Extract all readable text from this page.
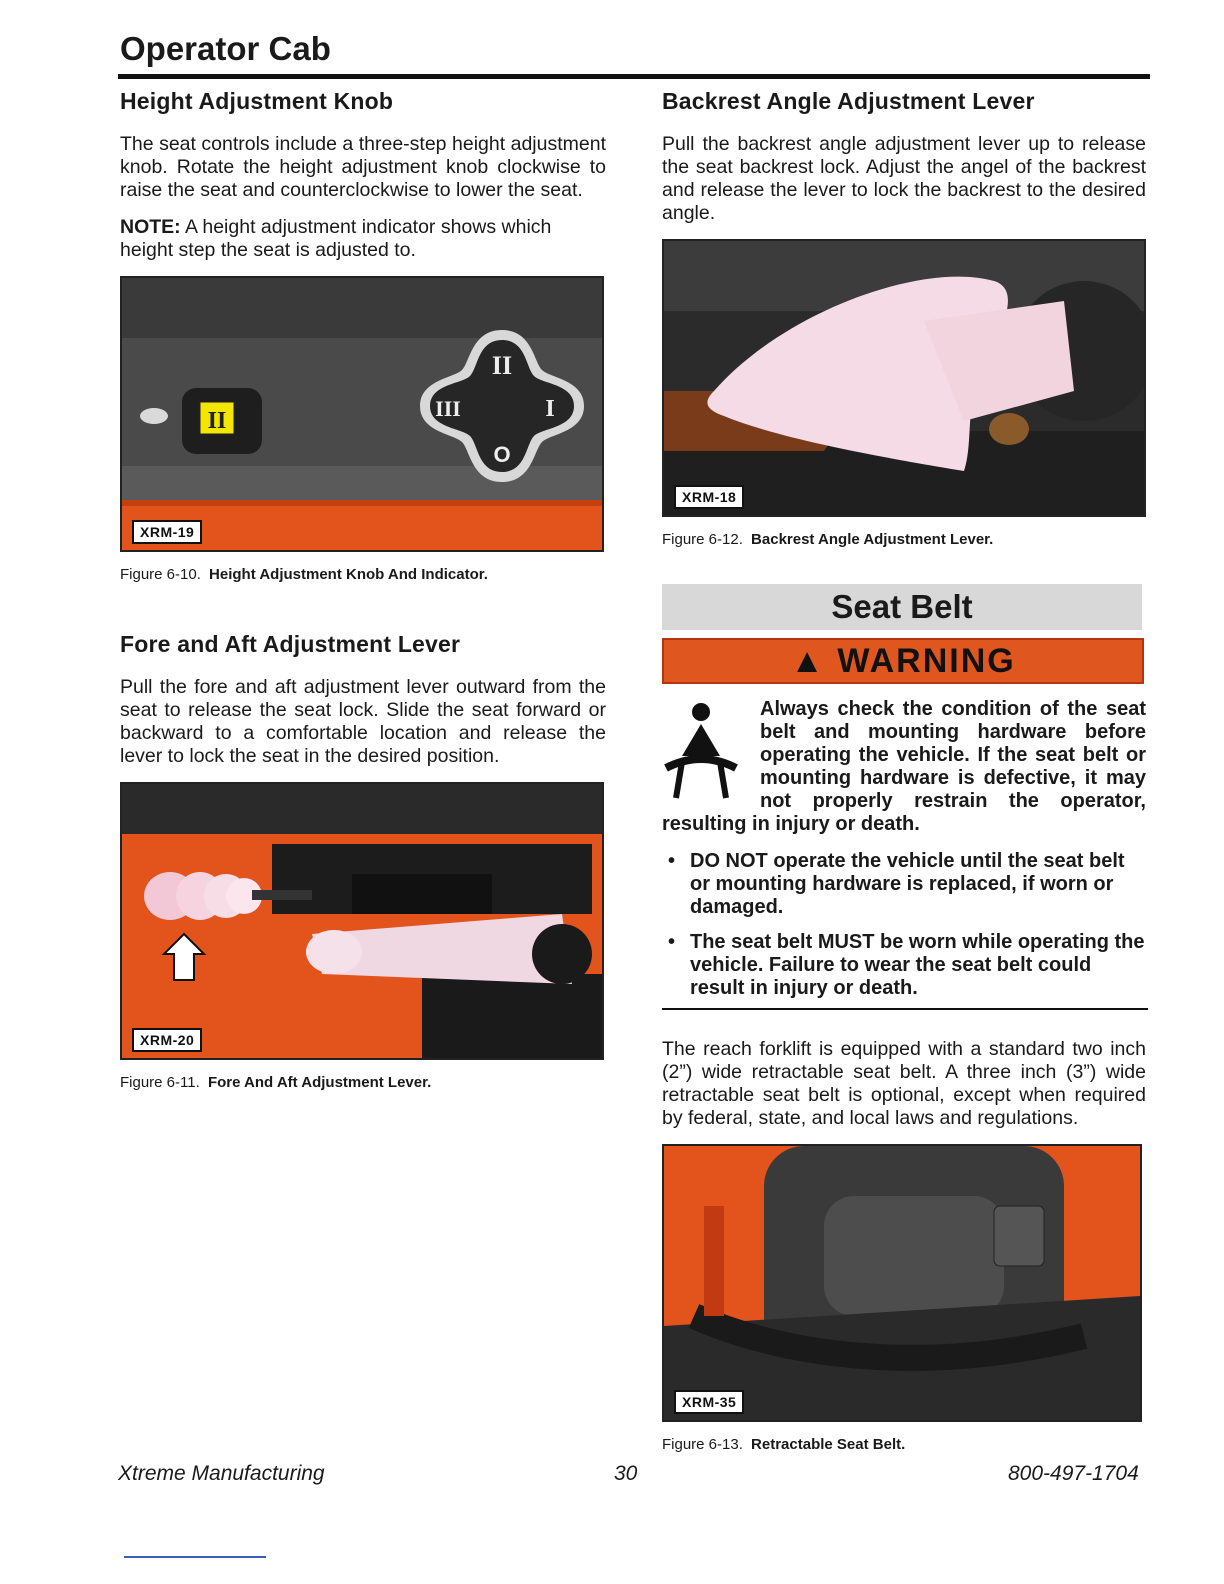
Operator Cab
Height Adjustment Knob

The seat controls include a three-step height adjustment knob. Rotate the height adjustment knob clockwise to raise the seat and counterclockwise to lower the seat.

NOTE: A height adjustment indicator shows which height step the seat is adjusted to.

II
II
III	I
O
XRM-19

Figure 6-10. Height Adjustment Knob And Indicator.

Fore and Aft Adjustment Lever

Pull the fore and aft adjustment lever outward from the seat to release the seat lock. Slide the seat forward or backward to a comfortable location and release the lever to lock the seat in the desired position.

XRM-20

Figure 6-11. Fore And Aft Adjustment Lever.

Backrest Angle Adjustment Lever

Pull the backrest angle adjustment lever up to release the seat backrest lock. Adjust the angel of the backrest and release the lever to lock the backrest to the desired angle.

XRM-18

Figure 6-12. Backrest Angle Adjustment Lever.

Seat Belt
▲ WARNING

Always check the condition of the seat belt and mounting hardware before operating the vehicle. If the seat belt or mounting hardware is defective, it may not properly restrain the operator, resulting in injury or death.

• DO NOT operate the vehicle until the seat belt or mounting hardware is replaced, if worn or damaged.
• The seat belt MUST be worn while operating the vehicle. Failure to wear the seat belt could result in injury or death.

The reach forklift is equipped with a standard two inch (2”) wide retractable seat belt. A three inch (3”) wide retractable seat belt is optional, except when required by federal, state, and local laws and regulations.

XRM-35

Figure 6-13. Retractable Seat Belt.

Xtreme Manufacturing	30	800-497-1704
